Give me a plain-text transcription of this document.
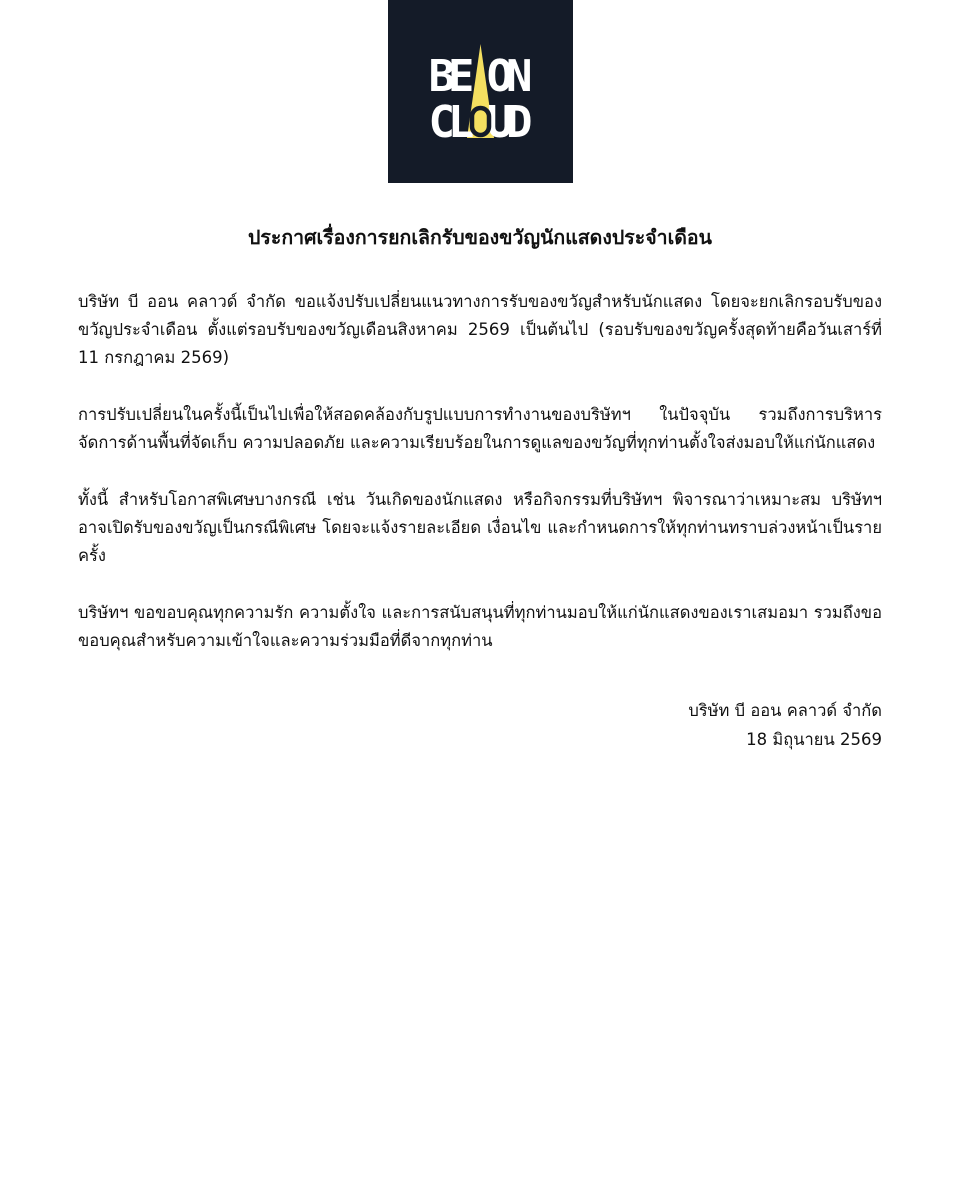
BE ON
CL UD
ประกาศเรื่องการยกเลิกรับของขวัญนักแสดงประจำเดือน

บริษัท บี ออน คลาวด์ จำกัด ขอแจ้งปรับเปลี่ยนแนวทางการรับของขวัญสำหรับนักแสดง โดยจะยกเลิกรอบรับของขวัญประจำเดือน ตั้งแต่รอบรับของขวัญเดือนสิงหาคม 2569 เป็นต้นไป (รอบรับของขวัญครั้งสุดท้ายคือวันเสาร์ที่ 11 กรกฎาคม 2569)

การปรับเปลี่ยนในครั้งนี้เป็นไปเพื่อให้สอดคล้องกับรูปแบบการทำงานของบริษัทฯ ในปัจจุบัน รวมถึงการบริหารจัดการด้านพื้นที่จัดเก็บ ความปลอดภัย และความเรียบร้อยในการดูแลของขวัญที่ทุกท่านตั้งใจส่งมอบให้แก่นักแสดง

ทั้งนี้ สำหรับโอกาสพิเศษบางกรณี เช่น วันเกิดของนักแสดง หรือกิจกรรมที่บริษัทฯ พิจารณาว่าเหมาะสม บริษัทฯ อาจเปิดรับของขวัญเป็นกรณีพิเศษ โดยจะแจ้งรายละเอียด เงื่อนไข และกำหนดการให้ทุกท่านทราบล่วงหน้าเป็นรายครั้ง

บริษัทฯ ขอขอบคุณทุกความรัก ความตั้งใจ และการสนับสนุนที่ทุกท่านมอบให้แก่นักแสดงของเราเสมอมา รวมถึงขอขอบคุณสำหรับความเข้าใจและความร่วมมือที่ดีจากทุกท่าน

บริษัท บี ออน คลาวด์ จำกัด
18 มิถุนายน 2569
